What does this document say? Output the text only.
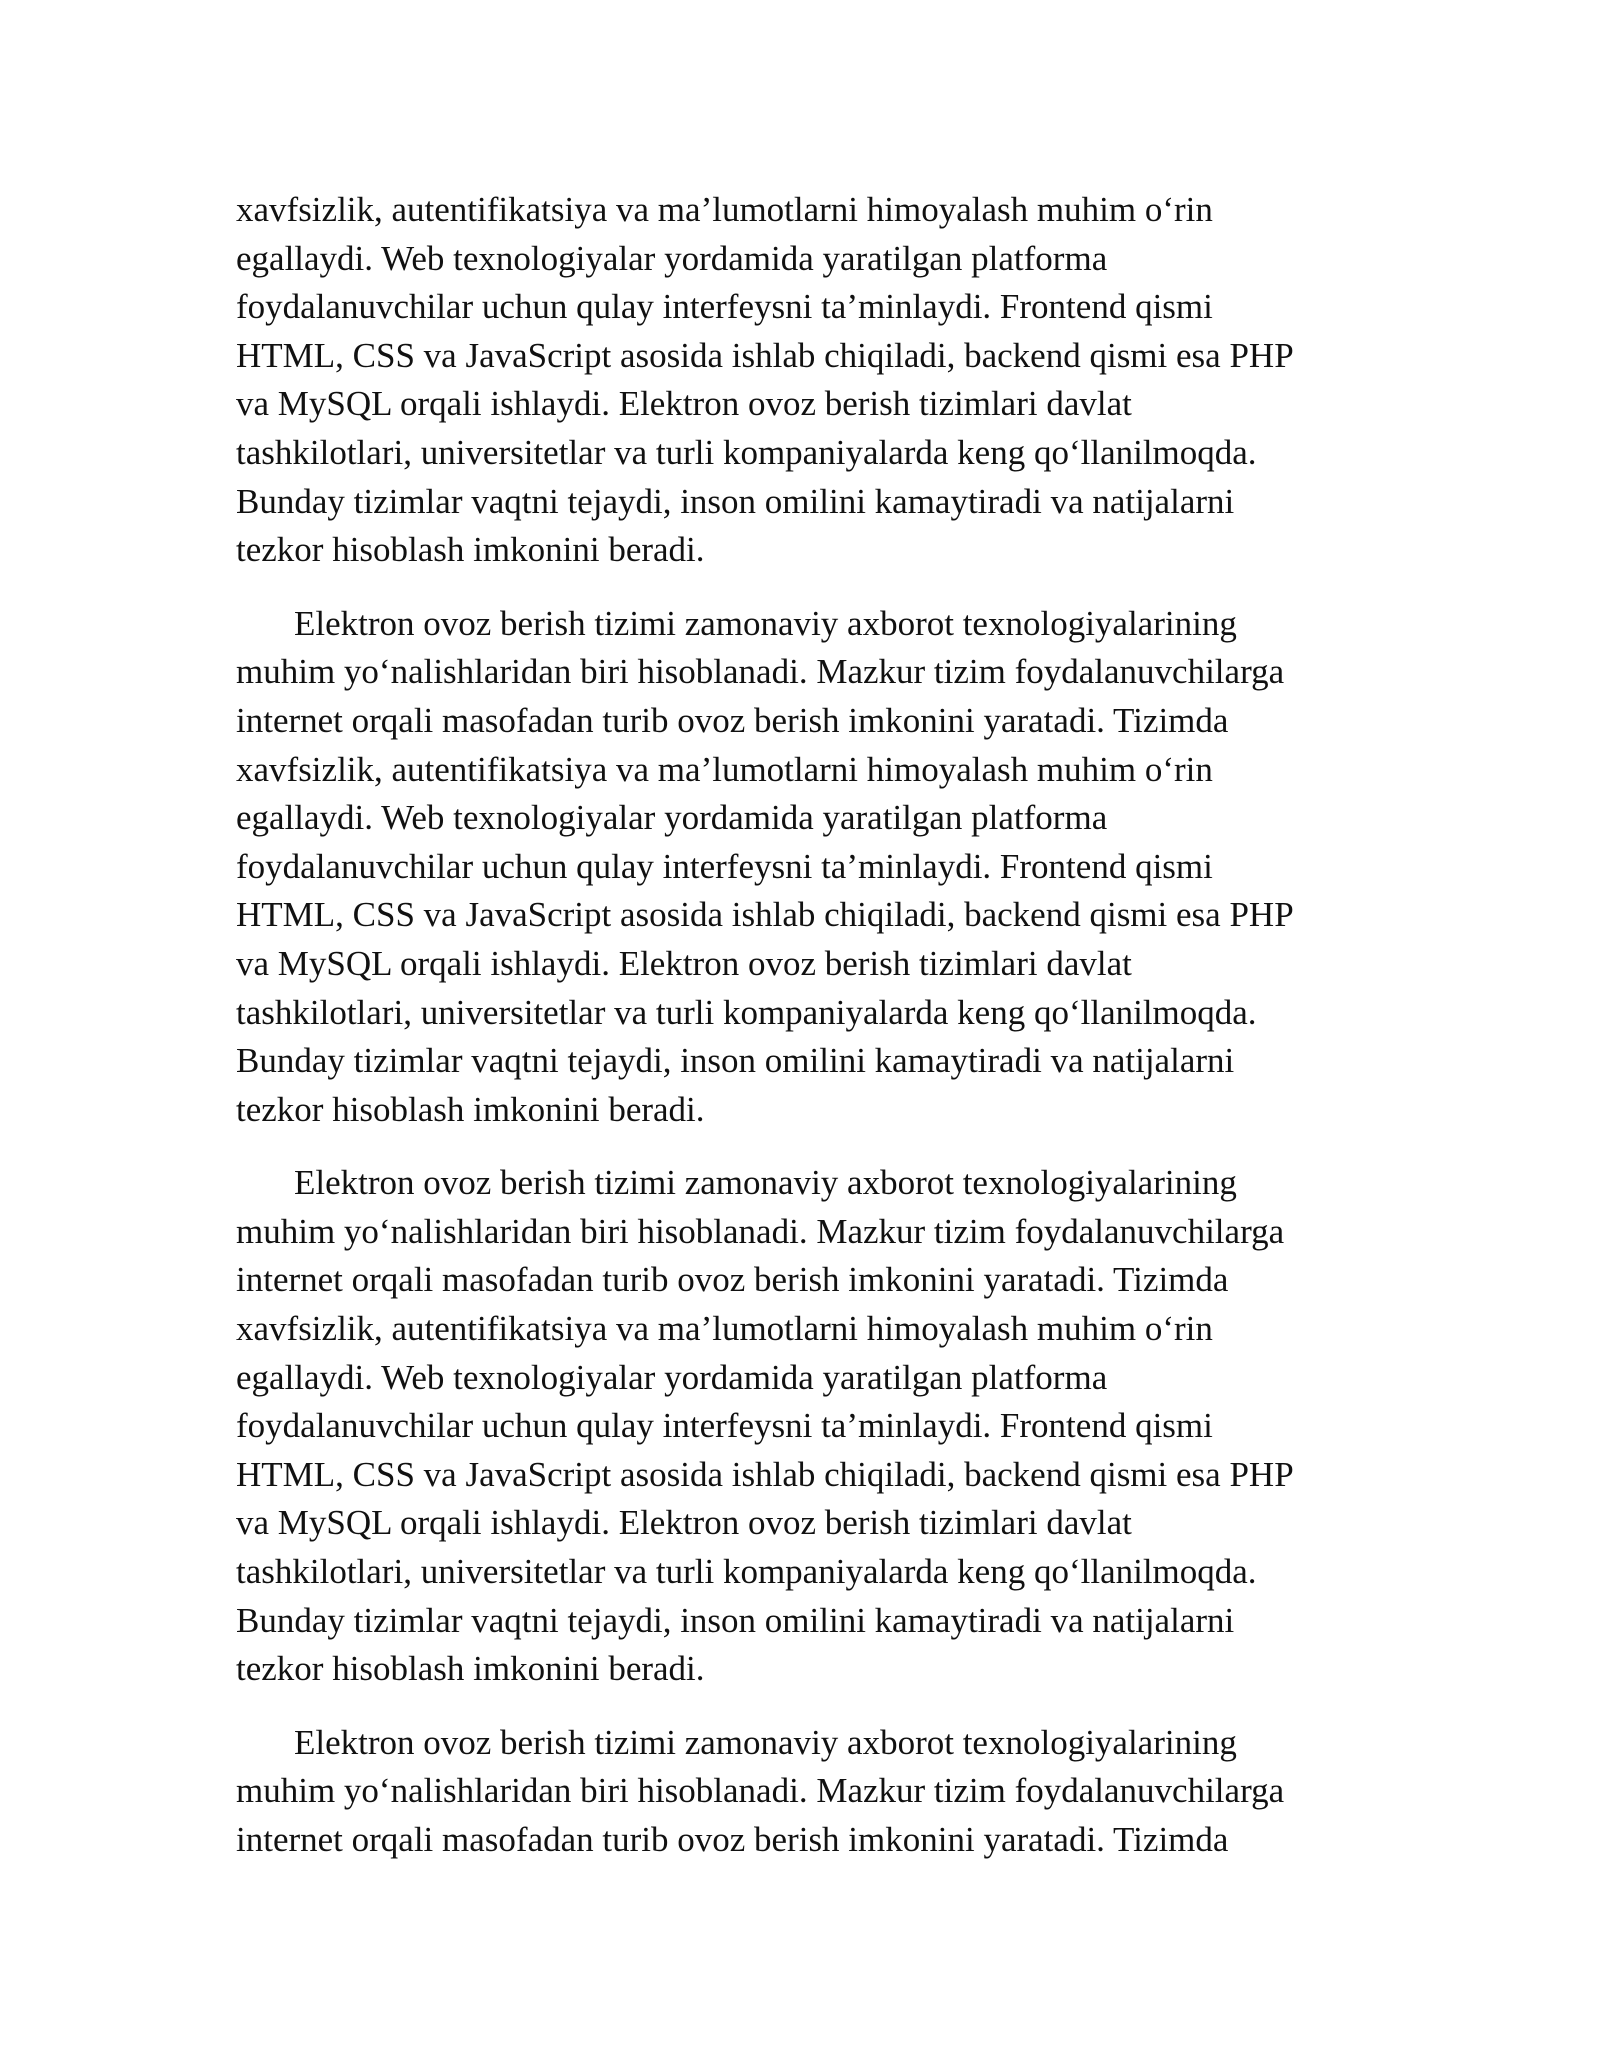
xavfsizlik, autentifikatsiya va ma’lumotlarni himoyalash muhim o‘rin
egallaydi. Web texnologiyalar yordamida yaratilgan platforma
foydalanuvchilar uchun qulay interfeysni ta’minlaydi. Frontend qismi
HTML, CSS va JavaScript asosida ishlab chiqiladi, backend qismi esa PHP
va MySQL orqali ishlaydi. Elektron ovoz berish tizimlari davlat
tashkilotlari, universitetlar va turli kompaniyalarda keng qo‘llanilmoqda.
Bunday tizimlar vaqtni tejaydi, inson omilini kamaytiradi va natijalarni
tezkor hisoblash imkonini beradi.

Elektron ovoz berish tizimi zamonaviy axborot texnologiyalarining
muhim yo‘nalishlaridan biri hisoblanadi. Mazkur tizim foydalanuvchilarga
internet orqali masofadan turib ovoz berish imkonini yaratadi. Tizimda
xavfsizlik, autentifikatsiya va ma’lumotlarni himoyalash muhim o‘rin
egallaydi. Web texnologiyalar yordamida yaratilgan platforma
foydalanuvchilar uchun qulay interfeysni ta’minlaydi. Frontend qismi
HTML, CSS va JavaScript asosida ishlab chiqiladi, backend qismi esa PHP
va MySQL orqali ishlaydi. Elektron ovoz berish tizimlari davlat
tashkilotlari, universitetlar va turli kompaniyalarda keng qo‘llanilmoqda.
Bunday tizimlar vaqtni tejaydi, inson omilini kamaytiradi va natijalarni
tezkor hisoblash imkonini beradi.

Elektron ovoz berish tizimi zamonaviy axborot texnologiyalarining
muhim yo‘nalishlaridan biri hisoblanadi. Mazkur tizim foydalanuvchilarga
internet orqali masofadan turib ovoz berish imkonini yaratadi. Tizimda
xavfsizlik, autentifikatsiya va ma’lumotlarni himoyalash muhim o‘rin
egallaydi. Web texnologiyalar yordamida yaratilgan platforma
foydalanuvchilar uchun qulay interfeysni ta’minlaydi. Frontend qismi
HTML, CSS va JavaScript asosida ishlab chiqiladi, backend qismi esa PHP
va MySQL orqali ishlaydi. Elektron ovoz berish tizimlari davlat
tashkilotlari, universitetlar va turli kompaniyalarda keng qo‘llanilmoqda.
Bunday tizimlar vaqtni tejaydi, inson omilini kamaytiradi va natijalarni
tezkor hisoblash imkonini beradi.

Elektron ovoz berish tizimi zamonaviy axborot texnologiyalarining
muhim yo‘nalishlaridan biri hisoblanadi. Mazkur tizim foydalanuvchilarga
internet orqali masofadan turib ovoz berish imkonini yaratadi. Tizimda
